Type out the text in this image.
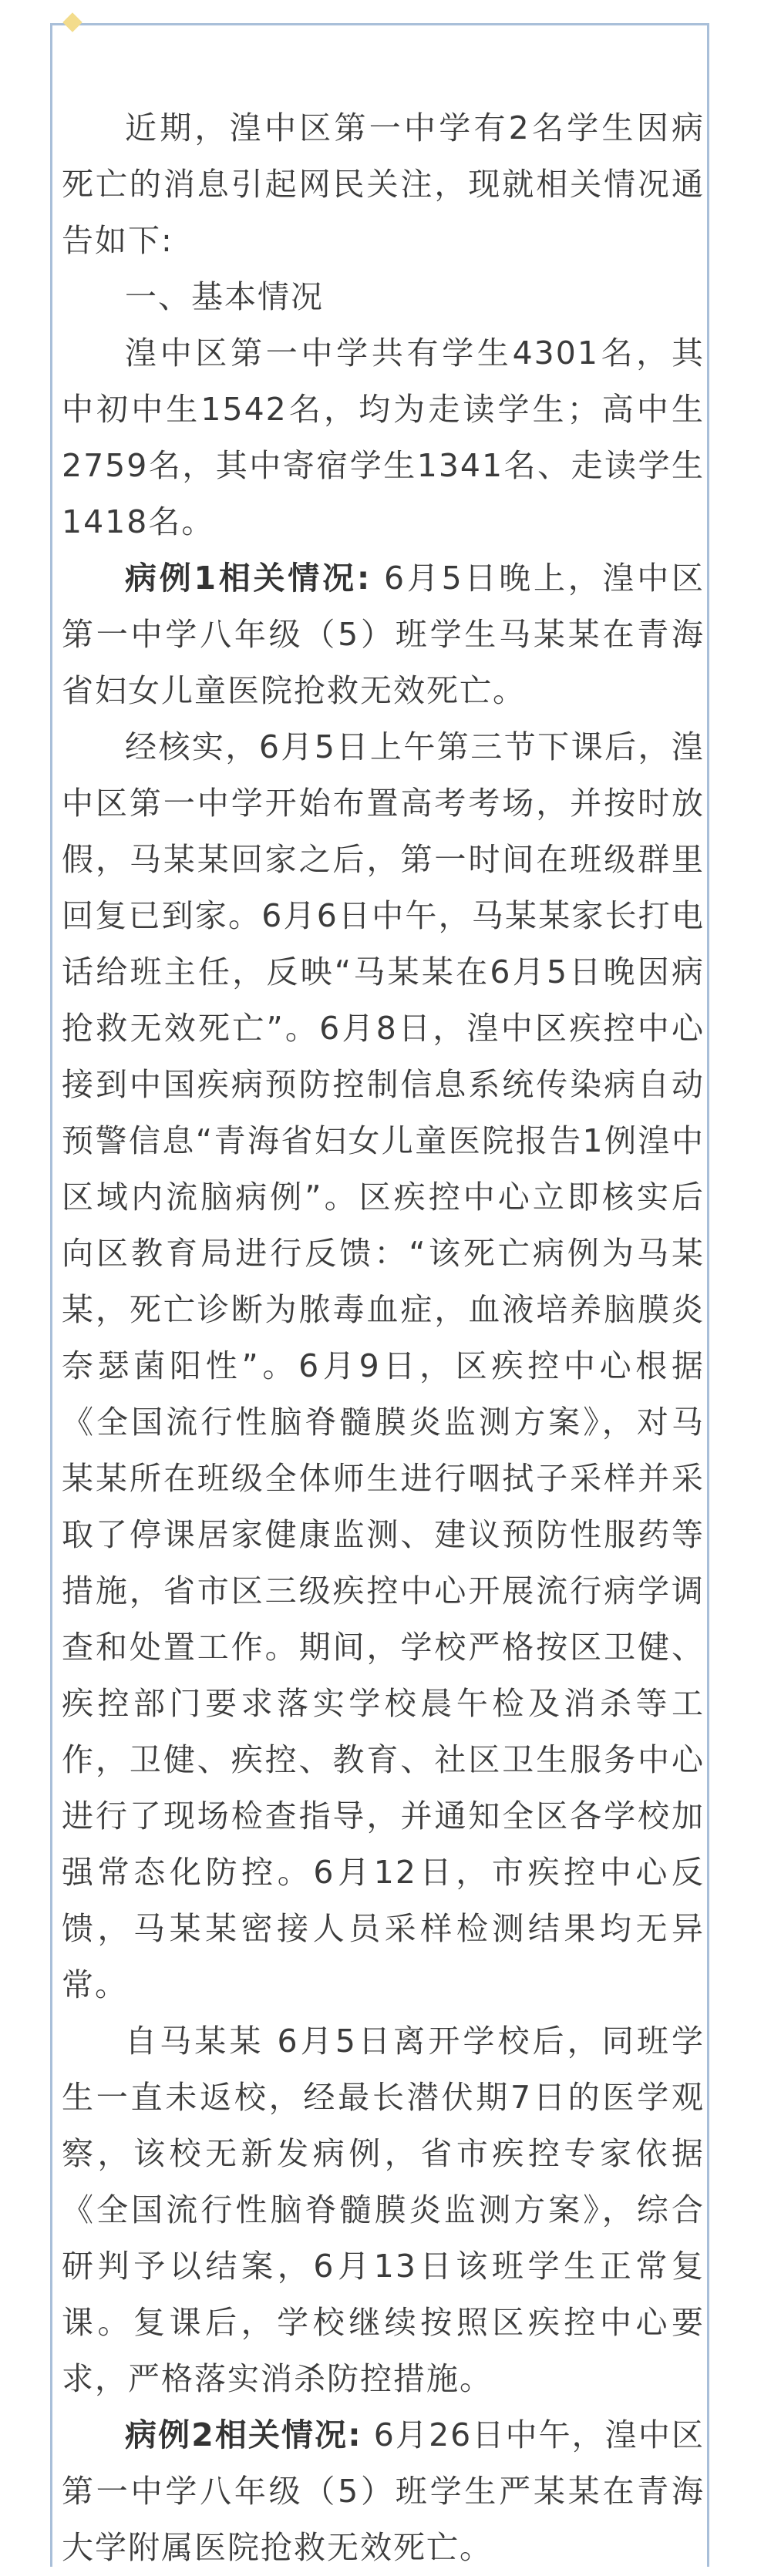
近期，湟中区第一中学有2名学生因病死亡的消息引起网民关注，现就相关情况通告如下:

一、基本情况

湟中区第一中学共有学生4301名，其中初中生1542名，均为走读学生；高中生2759名，其中寄宿学生1341名、走读学生1418名。

病例1相关情况: 6月5日晚上，湟中区第一中学八年级（5）班学生马某某在青海省妇女儿童医院抢救无效死亡。

经核实，6月5日上午第三节下课后，湟中区第一中学开始布置高考考场，并按时放假，马某某回家之后，第一时间在班级群里回复已到家。6月6日中午，马某某家长打电话给班主任，反映“马某某在6月5日晚因病抢救无效死亡”。6月8日，湟中区疾控中心接到中国疾病预防控制信息系统传染病自动预警信息“青海省妇女儿童医院报告1例湟中区域内流脑病例”。区疾控中心立即核实后向区教育局进行反馈：“该死亡病例为马某某，死亡诊断为脓毒血症，血液培养脑膜炎奈瑟菌阳性”。6月9日，区疾控中心根据《全国流行性脑脊髓膜炎监测方案》，对马某某所在班级全体师生进行咽拭子采样并采取了停课居家健康监测、建议预防性服药等措施，省市区三级疾控中心开展流行病学调查和处置工作。期间，学校严格按区卫健、疾控部门要求落实学校晨午检及消杀等工作，卫健、疾控、教育、社区卫生服务中心进行了现场检查指导，并通知全区各学校加强常态化防控。6月12日，市疾控中心反馈，马某某密接人员采样检测结果均无异常。

自马某某 6月5日离开学校后，同班学生一直未返校，经最长潜伏期7日的医学观察，该校无新发病例，省市疾控专家依据《全国流行性脑脊髓膜炎监测方案》，综合研判予以结案，6月13日该班学生正常复课。复课后，学校继续按照区疾控中心要求，严格落实消杀防控措施。

病例2相关情况: 6月26日中午，湟中区第一中学八年级（5）班学生严某某在青海大学附属医院抢救无效死亡。
